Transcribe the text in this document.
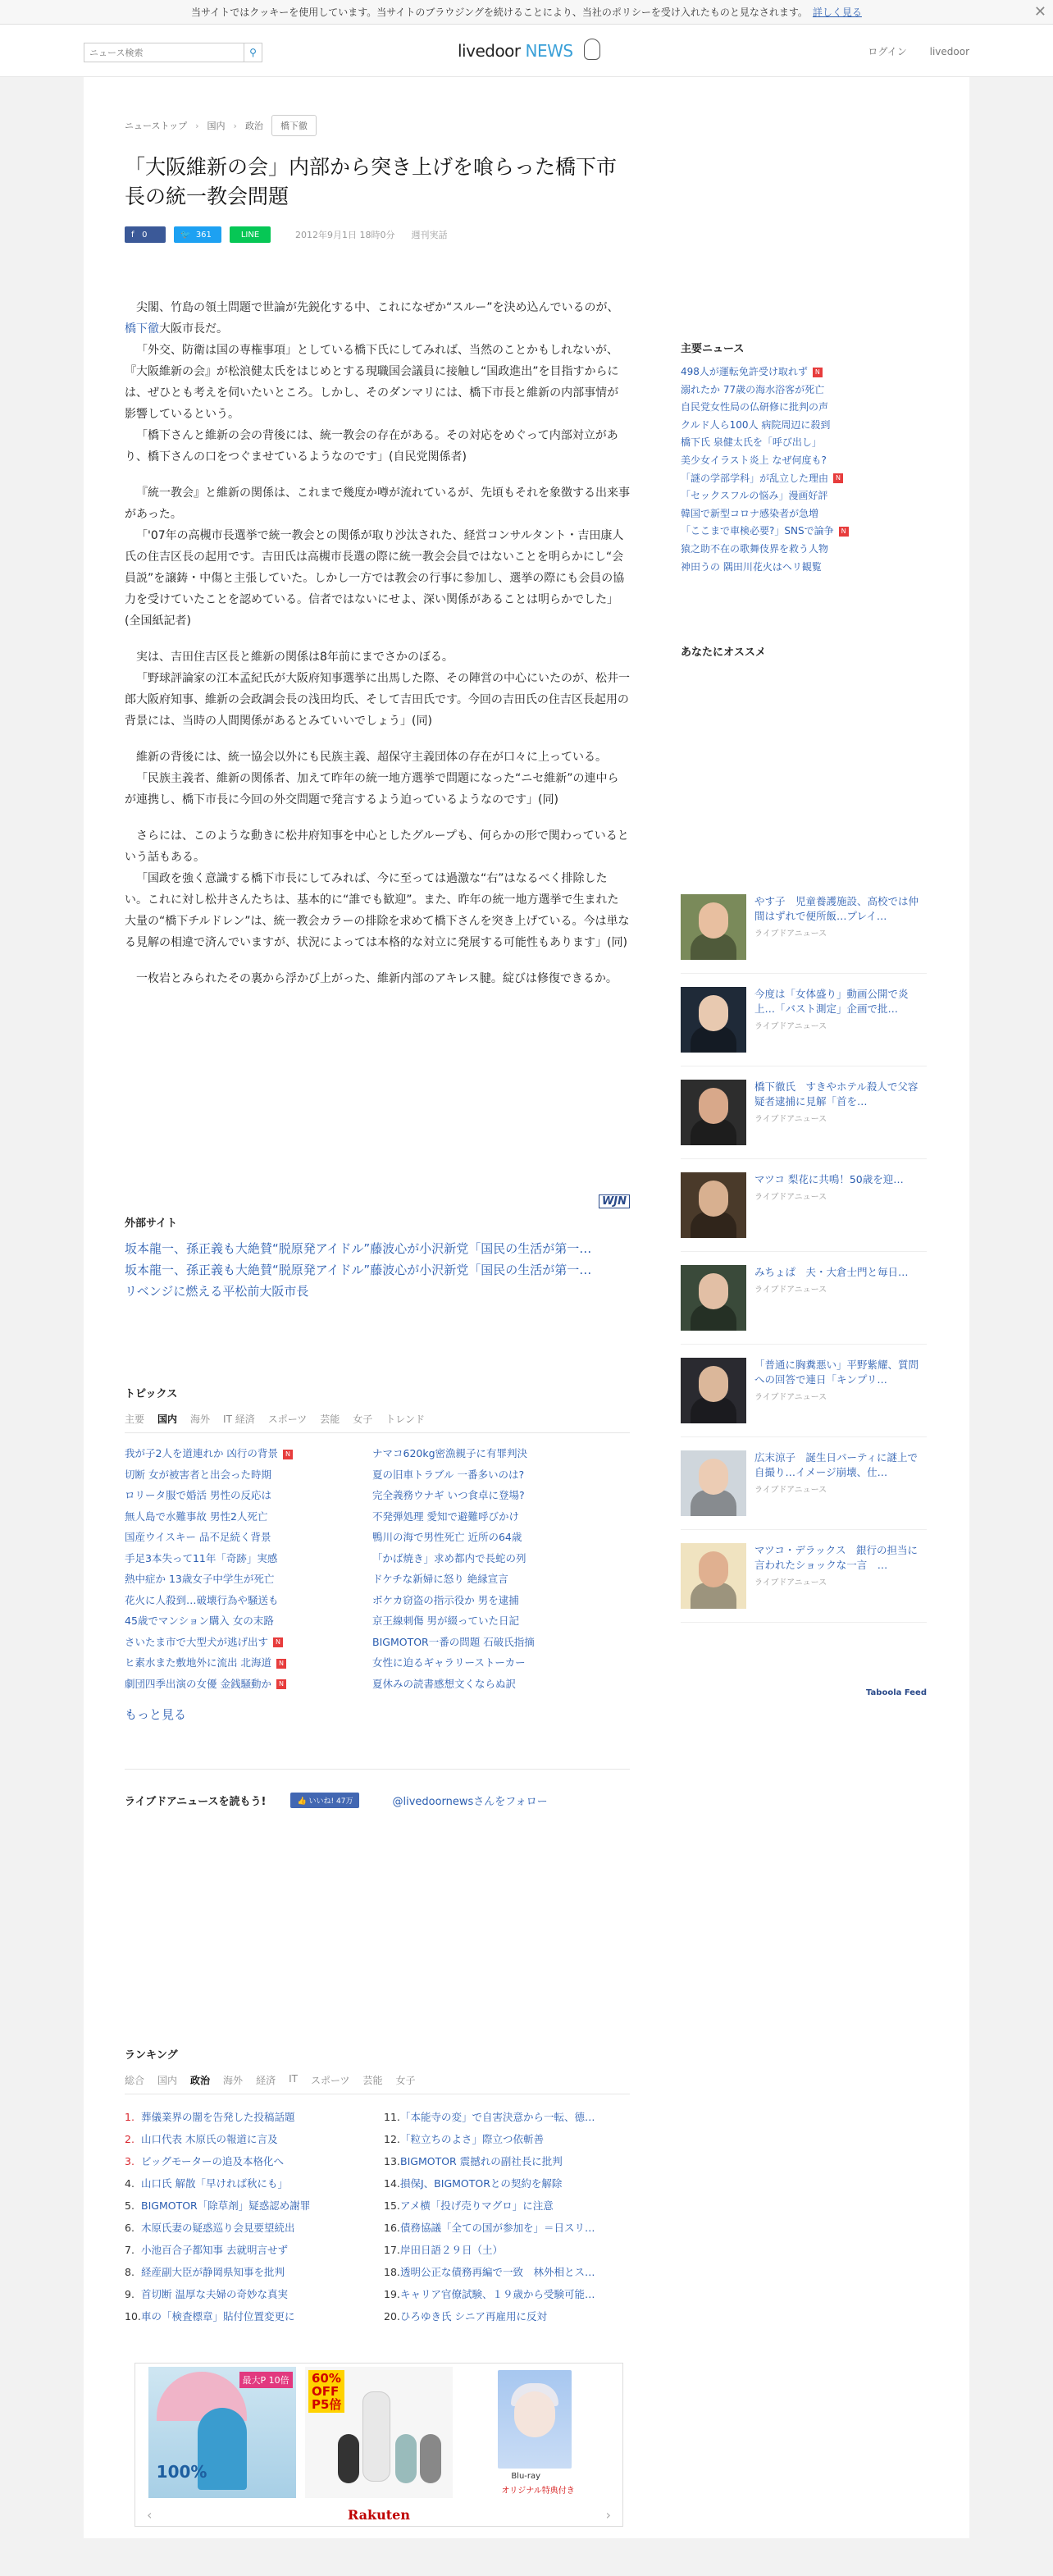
当サイトではクッキーを使用しています。当サイトのブラウジングを続けることにより、当社のポリシーを受け入れたものと見なされます。 詳しく見る	✕
ニュース検索
⚲	livedoor NEWS	ログイン livedoor
ニューストップ › 国内 › 政治	橋下徹
「大阪維新の会」内部から突き上げを喰らった橋下市長の統一教会問題
f
0	🐦
361	LINE	2012年9月1日 18時0分 週刊実話

尖閣、竹島の領土問題で世論が先鋭化する中、これになぜか“スルー”を決め込んでいるのが、橋下徹大阪市長だ。

「外交、防衛は国の専権事項」としている橋下氏にしてみれば、当然のことかもしれないが、『大阪維新の会』が松浪健太氏をはじめとする現職国会議員に接触し“国政進出”を目指すからには、ぜひとも考えを伺いたいところ。しかし、そのダンマリには、橋下市長と維新の内部事情が影響しているという。

「橋下さんと維新の会の背後には、統一教会の存在がある。その対応をめぐって内部対立があり、橋下さんの口をつぐませているようなのです」(自民党関係者)

『統一教会』と維新の関係は、これまで幾度か噂が流れているが、先頃もそれを象徴する出来事があった。

「'07年の高槻市長選挙で統一教会との関係が取り沙汰された、経営コンサルタント・吉田康人氏の住吉区長の起用です。吉田氏は高槻市長選の際に統一教会会員ではないことを明らかにし“会員説”を譲鋳・中傷と主張していた。しかし一方では教会の行事に参加し、選挙の際にも会員の協力を受けていたことを認めている。信者ではないにせよ、深い関係があることは明らかでした」(全国紙記者)

実は、吉田住吉区長と維新の関係は8年前にまでさかのぼる。

「野球評論家の江本孟紀氏が大阪府知事選挙に出馬した際、その陣営の中心にいたのが、松井一郎大阪府知事、維新の会政調会長の浅田均氏、そして吉田氏です。今回の吉田氏の住吉区長起用の背景には、当時の人間関係があるとみていいでしょう」(同)

維新の背後には、統一協会以外にも民族主義、超保守主義団体の存在が口々に上っている。

「民族主義者、維新の関係者、加えて昨年の統一地方選挙で問題になった“ニセ維新”の連中らが連携し、橋下市長に今回の外交問題で発言するよう迫っているようなのです」(同)

さらには、このような動きに松井府知事を中心としたグループも、何らかの形で関わっているという話もある。

「国政を強く意識する橋下市長にしてみれば、今に至っては過激な“右”はなるべく排除したい。これに対し松井さんたちは、基本的に“誰でも歓迎”。また、昨年の統一地方選挙で生まれた大量の“橋下チルドレン”は、統一教会カラーの排除を求めて橋下さんを突き上げている。今は単なる見解の相違で済んでいますが、状況によっては本格的な対立に発展する可能性もあります」(同)

一枚岩とみられたその裏から浮かび上がった、維新内部のアキレス腱。綻びは修復できるか。

WJN
外部サイト
坂本龍一、孫正義も大絶賛“脱原発アイドル”藤波心が小沢新党「国民の生活が第一…
坂本龍一、孫正義も大絶賛“脱原発アイドル”藤波心が小沢新党「国民の生活が第一…
リベンジに燃える平松前大阪市長
トピックス
主要 国内 海外 IT 経済 スポーツ 芸能 女子 トレンド
我が子2人を道連れか 凶行の背景 N	ナマコ620kg密漁親子に有罪判決
切断 女が被害者と出会った時期	夏の旧車トラブル 一番多いのは?
ロリータ服で婚活 男性の反応は	完全義務ウナギ いつ食卓に登場?
無人島で水難事故 男性2人死亡	不発弾処理 愛知で避難呼びかけ
国産ウイスキー 品不足続く背景	鴨川の海で男性死亡 近所の64歳
手足3本失って11年「奇跡」実感	「かば焼き」求め都内で長蛇の列
熱中症か 13歳女子中学生が死亡	ドケチな新婦に怒り 絶縁宣言
花火に人殺到…破壊行為や騒送も	ボケカ窃盗の指示役か 男を逮捕
45歳でマンション購入 女の末路	京王線刺傷 男が綴っていた日記
さいたま市で大型犬が逃げ出す N	BIGMOTOR一番の問題 石破氏指摘
ヒ素水また敷地外に流出 北海道 N	女性に迫るギャラリーストーカー
劇団四季出演の女優 金銭騒動か N	夏休みの読書感想文くならぬ訳
もっと見る
ライブドアニュースを読もう!	👍 いいね! 47万	@livedoornewsさんをフォロー
ランキング
総合 国内 政治 海外 経済 IT スポーツ 芸能 女子
1. 葬儀業界の闇を告発した投稿話題	11.「本能寺の変」で自害決意から一転、德…
2. 山口代表 木原氏の報道に言及	12.「粒立ちのよさ」際立つ依斬善
3. ビッグモーターの追及本格化へ	13.BIGMOTOR 震撼れの副社長に批判
4. 山口氏 解散「早ければ秋にも」	14.損保J、BIGMOTORとの契約を解除
5. BIGMOTOR「除草剤」疑惑認め謝罪	15.アメ横「投げ売りマグロ」に注意
6. 木原氏妻の疑惑巡り会見要望続出	16.債務協議「全ての国が参加を」＝日スリ…
7. 小池百合子都知事 去就明言せず	17.岸田日語２９日（土）
8. 経産副大臣が静岡県知事を批判	18.透明公正な債務再編で一致　林外相とス…
9. 首切断 温厚な夫婦の奇妙な真実	19.キャリア官僚試験、１９歳から受験可能…
10.車の「検査標章」貼付位置変更に	20.ひろゆき氏 シニア再雇用に反対
最大P 10倍
100%
60%
OFF
P5倍
Blu-ray
オリジナル特典付き
‹	Rakuten	›
主要ニュース
498人が運転免許受け取れず N
溺れたか 77歳の海水浴客が死亡
自民党女性局の仏研修に批判の声
クルド人ら100人 病院周辺に殺到
橋下氏 泉健太氏を「呼び出し」
美少女イラスト炎上 なぜ何度も?
「謎の学部学科」が乱立した理由 N
「セックスフルの悩み」漫画好評
韓国で新型コロナ感染者が急増
「ここまで車検必要?」SNSで論争 N
猿之助不在の歌舞伎界を救う人物
神田うの 隅田川花火はヘリ観覧
あなたにオススメ
やす子　児童養護施設、高校では仲間はずれで便所飯…プレイ…
ライブドアニュース
今度は「女体盛り」動画公開で炎上…「バスト測定」企画で批…
ライブドアニュース
橋下徹氏　すきやホテル殺人で父容疑者逮捕に見解「首を…
ライブドアニュース
マツコ 梨花に共鳴！50歳を迎…
ライブドアニュース
みちょぱ　夫・大倉士門と毎日…
ライブドアニュース
「普通に胸糞悪い」平野紫耀、質問への回答で連日「キンプリ…
ライブドアニュース
広末涼子　誕生日パーティに謎上で自撮り…イメージ崩壊、仕…
ライブドアニュース
マツコ・デラックス　銀行の担当に言われたショックな一言　…
ライブドアニュース
Taboola Feed
